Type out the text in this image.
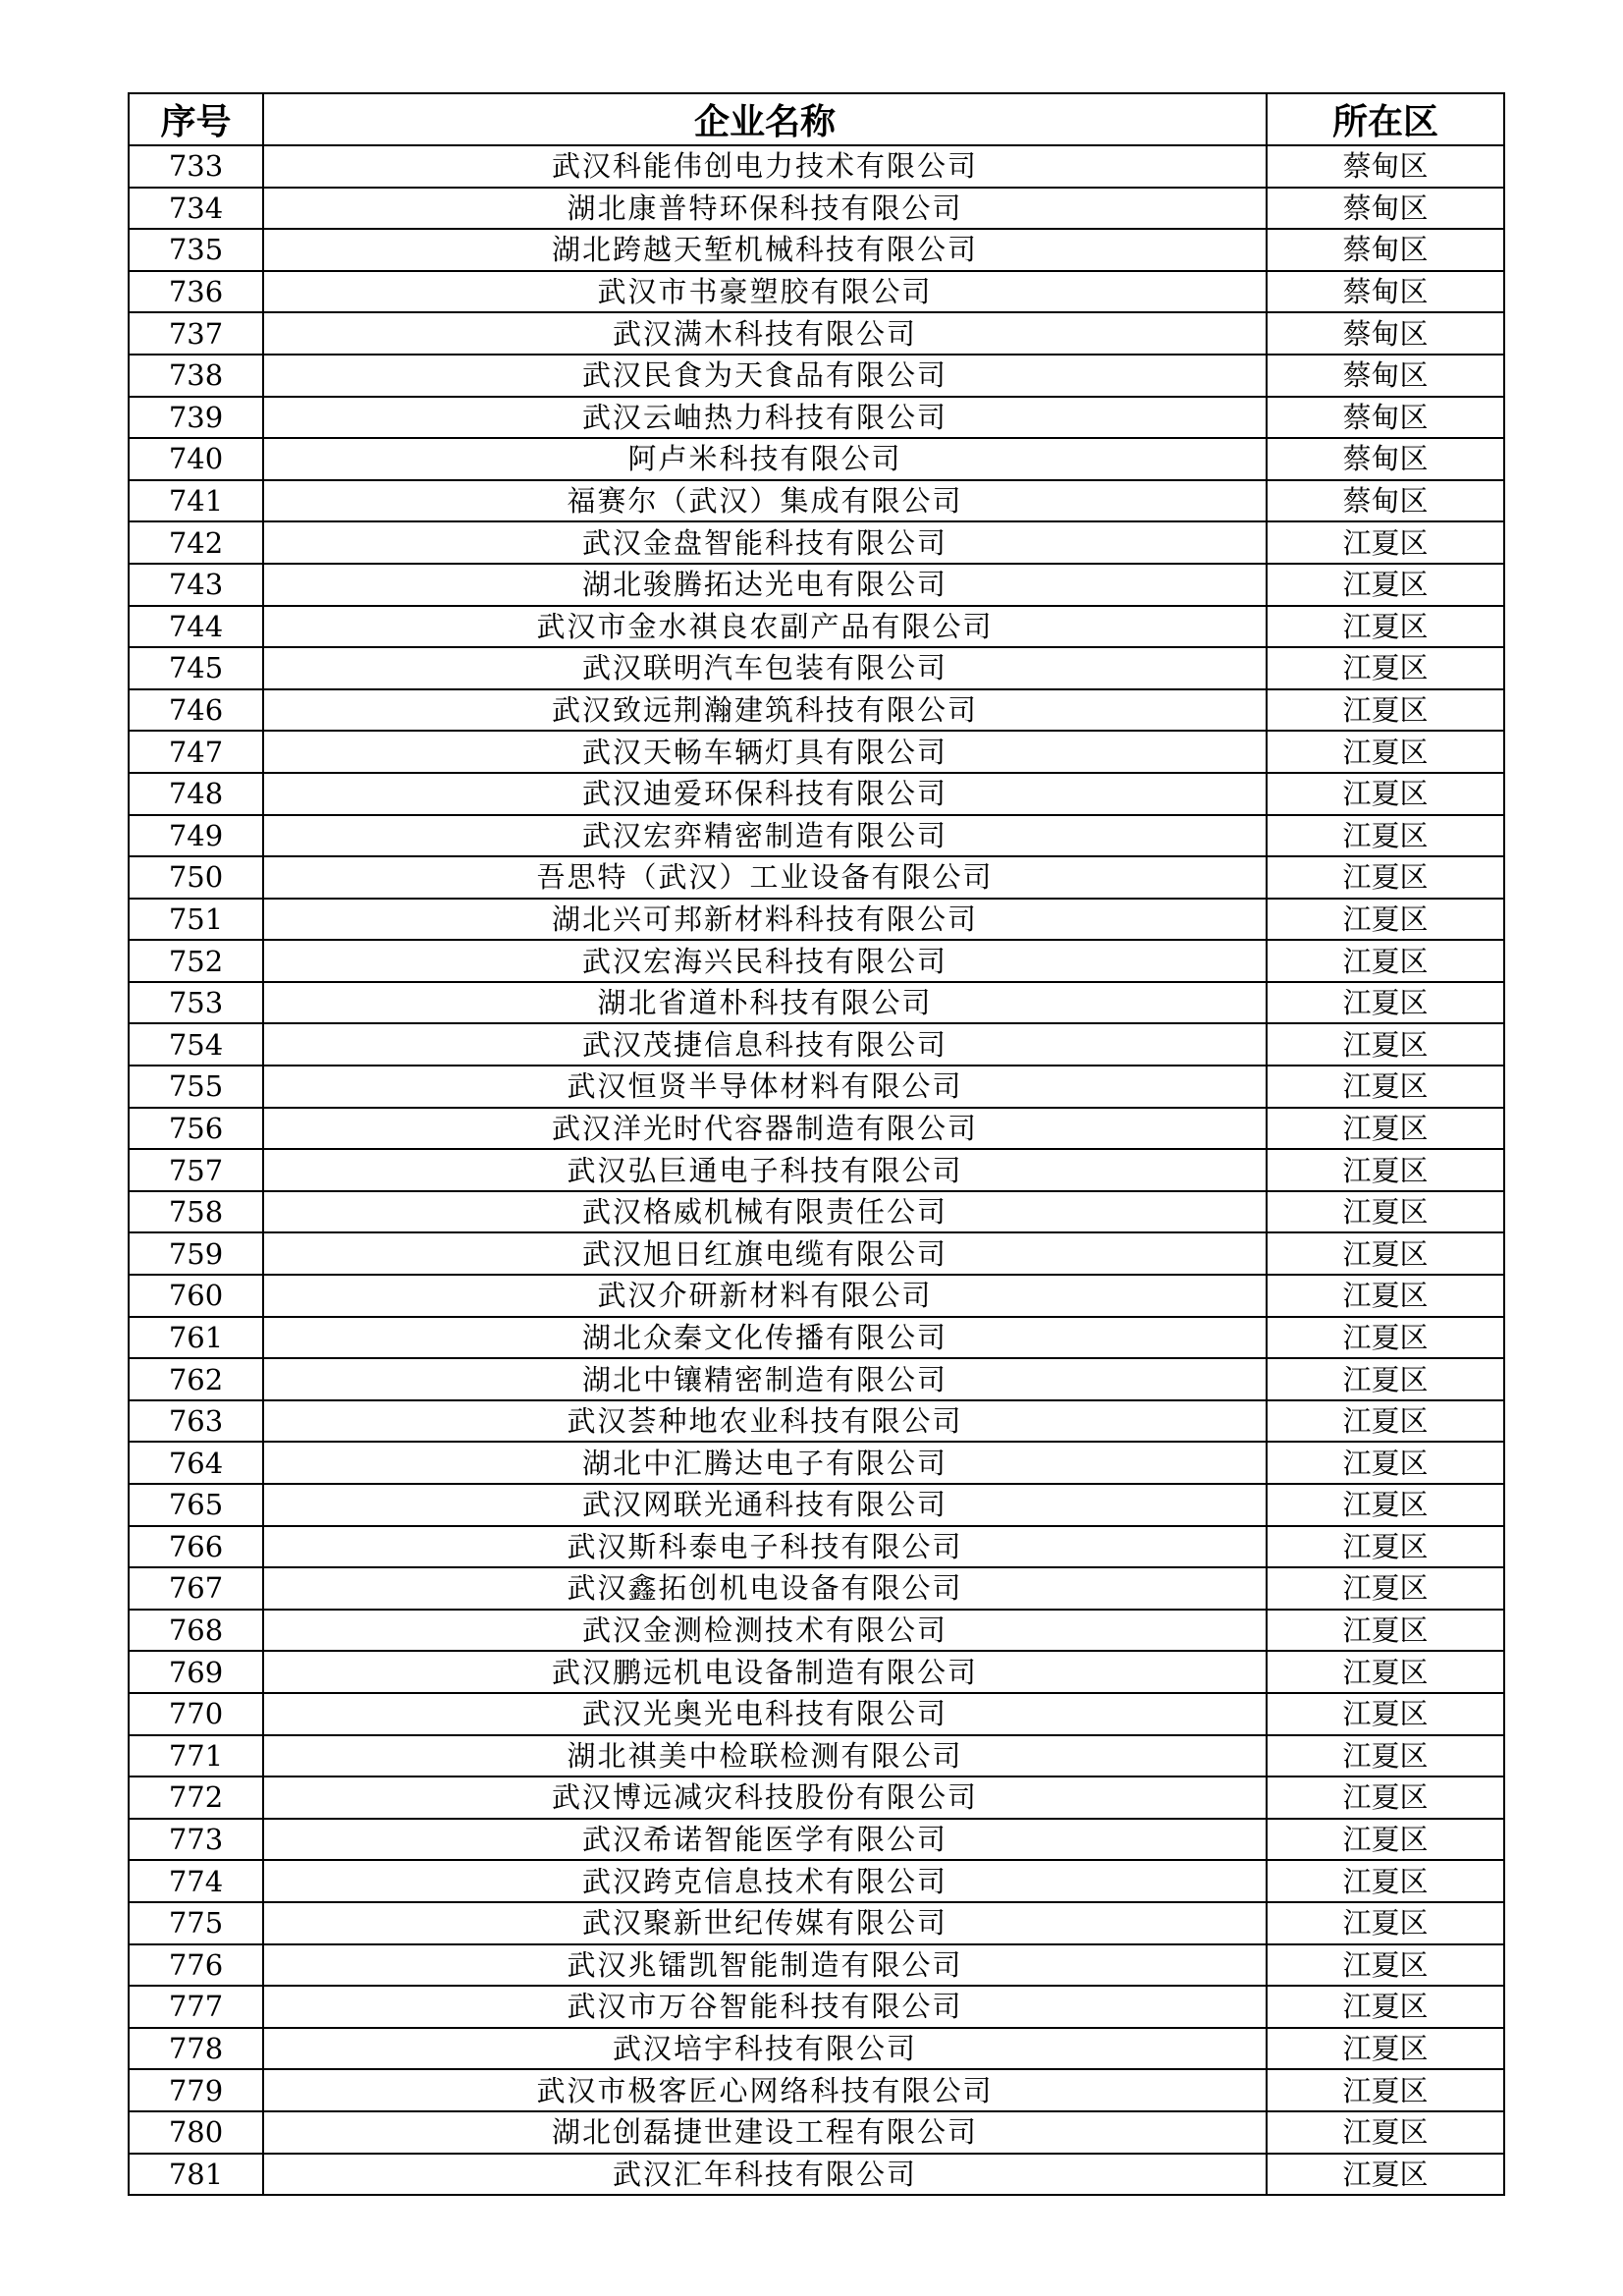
序号	企业名称	所在区
733	武汉科能伟创电力技术有限公司	蔡甸区
734	湖北康普特环保科技有限公司	蔡甸区
735	湖北跨越天堑机械科技有限公司	蔡甸区
736	武汉市书豪塑胶有限公司	蔡甸区
737	武汉满木科技有限公司	蔡甸区
738	武汉民食为天食品有限公司	蔡甸区
739	武汉云岫热力科技有限公司	蔡甸区
740	阿卢米科技有限公司	蔡甸区
741	福赛尔（武汉）集成有限公司	蔡甸区
742	武汉金盘智能科技有限公司	江夏区
743	湖北骏腾拓达光电有限公司	江夏区
744	武汉市金水祺良农副产品有限公司	江夏区
745	武汉联明汽车包装有限公司	江夏区
746	武汉致远荆瀚建筑科技有限公司	江夏区
747	武汉天畅车辆灯具有限公司	江夏区
748	武汉迪爱环保科技有限公司	江夏区
749	武汉宏弈精密制造有限公司	江夏区
750	吾思特（武汉）工业设备有限公司	江夏区
751	湖北兴可邦新材料科技有限公司	江夏区
752	武汉宏海兴民科技有限公司	江夏区
753	湖北省道朴科技有限公司	江夏区
754	武汉茂捷信息科技有限公司	江夏区
755	武汉恒贤半导体材料有限公司	江夏区
756	武汉洋光时代容器制造有限公司	江夏区
757	武汉弘巨通电子科技有限公司	江夏区
758	武汉格威机械有限责任公司	江夏区
759	武汉旭日红旗电缆有限公司	江夏区
760	武汉介研新材料有限公司	江夏区
761	湖北众秦文化传播有限公司	江夏区
762	湖北中镶精密制造有限公司	江夏区
763	武汉荟种地农业科技有限公司	江夏区
764	湖北中汇腾达电子有限公司	江夏区
765	武汉网联光通科技有限公司	江夏区
766	武汉斯科泰电子科技有限公司	江夏区
767	武汉鑫拓创机电设备有限公司	江夏区
768	武汉金测检测技术有限公司	江夏区
769	武汉鹏远机电设备制造有限公司	江夏区
770	武汉光奥光电科技有限公司	江夏区
771	湖北祺美中检联检测有限公司	江夏区
772	武汉博远减灾科技股份有限公司	江夏区
773	武汉希诺智能医学有限公司	江夏区
774	武汉跨克信息技术有限公司	江夏区
775	武汉聚新世纪传媒有限公司	江夏区
776	武汉兆镭凯智能制造有限公司	江夏区
777	武汉市万谷智能科技有限公司	江夏区
778	武汉培宇科技有限公司	江夏区
779	武汉市极客匠心网络科技有限公司	江夏区
780	湖北创磊捷世建设工程有限公司	江夏区
781	武汉汇年科技有限公司	江夏区
